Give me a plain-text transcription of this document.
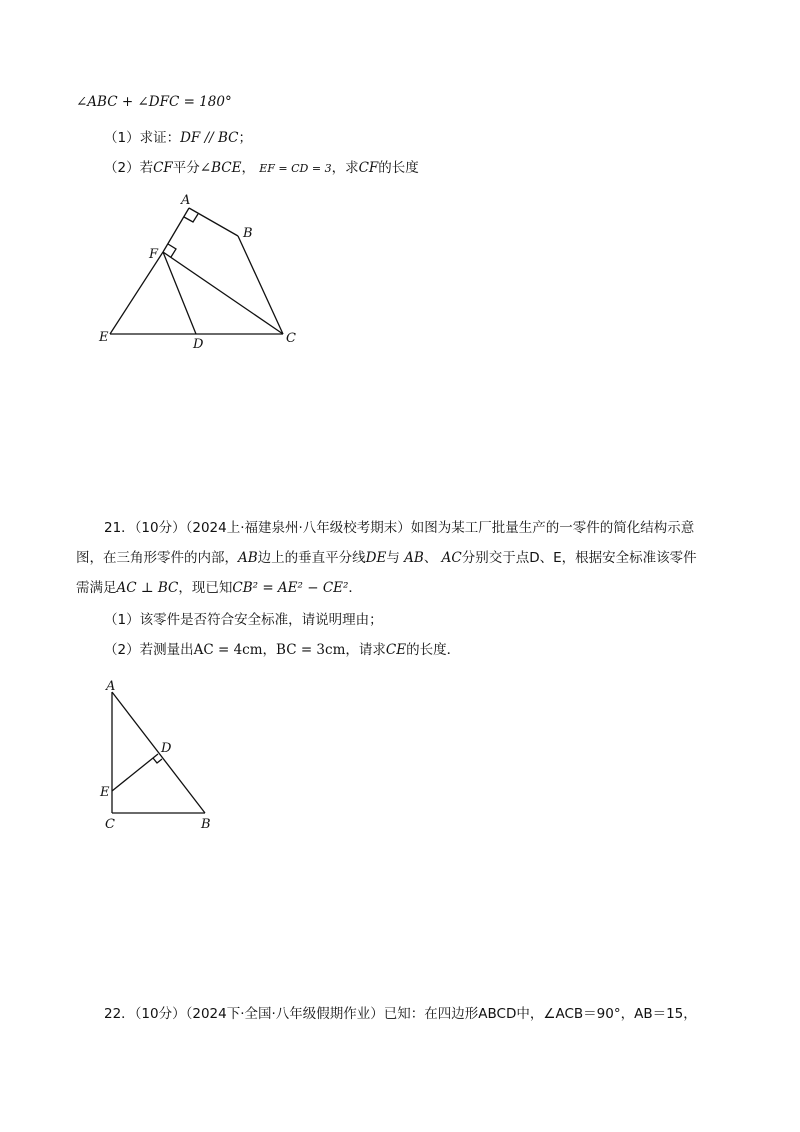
∠ABC + ∠DFC = 180°
（1）求证：DF // BC；
（2）若CF平分∠BCE， EF = CD = 3，求CF的长度
A
B
C
D
E
F
21．（10分）（2024上·福建泉州·八年级校考期末）如图为某工厂批量生产的一零件的简化结构示意
图，在三角形零件的内部，AB边上的垂直平分线DE与 AB、 AC分别交于点D、E，根据安全标准该零件
需满足AC ⊥ BC，现已知CB² = AE² − CE²．
（1）该零件是否符合安全标准，请说明理由；
（2）若测量出AC = 4cm，BC = 3cm，请求CE的长度．
A
D
E
C	B
22．（10分）（2024下·全国·八年级假期作业）已知：在四边形ABCD中，∠ACB＝90°，AB＝15，
